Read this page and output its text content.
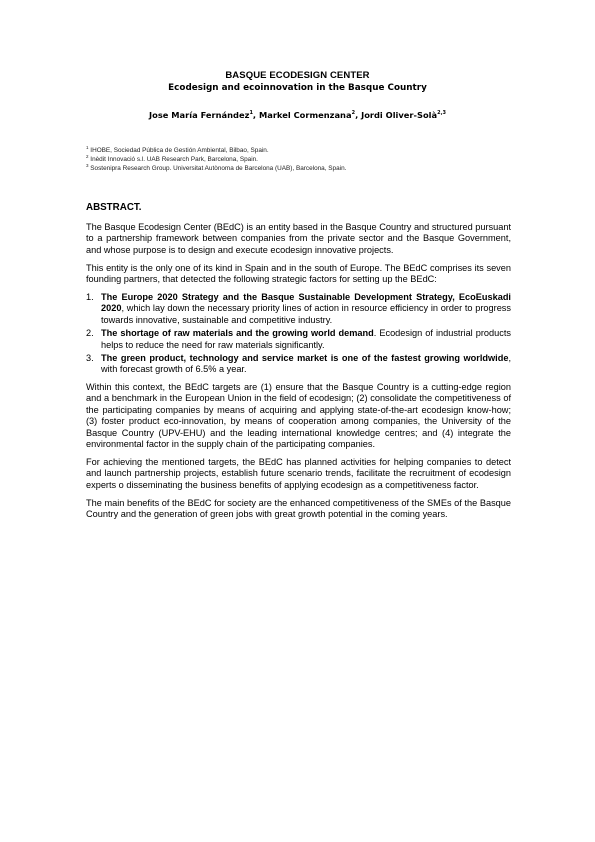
BASQUE ECODESIGN CENTER
Ecodesign and ecoinnovation in the Basque Country
Jose María Fernández$^1$, Markel Cormenzana$^2$, Jordi Oliver-Solà$^{2,3}$
$^1$ IHOBE, Sociedad Pública de Gestión Ambiental, Bilbao, Spain.
$^2$ Inèdit Innovació s.l. UAB Research Park, Barcelona, Spain.
$^3$ Sostenipra Research Group. Universitat Autònoma de Barcelona (UAB), Barcelona, Spain.
ABSTRACT.

The Basque Ecodesign Center (BEdC) is an entity based in the Basque Country and structured pursuant to a partnership framework between companies from the private sector and the Basque Government, and whose purpose is to design and execute ecodesign innovative projects.

This entity is the only one of its kind in Spain and in the south of Europe. The BEdC comprises its seven founding partners, that detected the following strategic factors for setting up the BEdC:

1. The Europe 2020 Strategy and the Basque Sustainable Development Strategy, EcoEuskadi 2020, which lay down the necessary priority lines of action in resource efficiency in order to progress towards innovative, sustainable and competitive industry.
2. The shortage of raw materials and the growing world demand. Ecodesign of industrial products helps to reduce the need for raw materials significantly.
3. The green product, technology and service market is one of the fastest growing worldwide, with forecast growth of 6.5% a year.

Within this context, the BEdC targets are (1) ensure that the Basque Country is a cutting-edge region and a benchmark in the European Union in the field of ecodesign; (2) consolidate the competitiveness of the participating companies by means of acquiring and applying state-of-the-art ecodesign know-how; (3) foster product eco-innovation, by means of cooperation among companies, the University of the Basque Country (UPV-EHU) and the leading international knowledge centres; and (4) integrate the environmental factor in the supply chain of the participating companies.

For achieving the mentioned targets, the BEdC has planned activities for helping companies to detect and launch partnership projects, establish future scenario trends, facilitate the recruitment of ecodesign experts o disseminating the business benefits of applying ecodesign as a competitiveness factor.

The main benefits of the BEdC for society are the enhanced competitiveness of the SMEs of the Basque Country and the generation of green jobs with great growth potential in the coming years.
